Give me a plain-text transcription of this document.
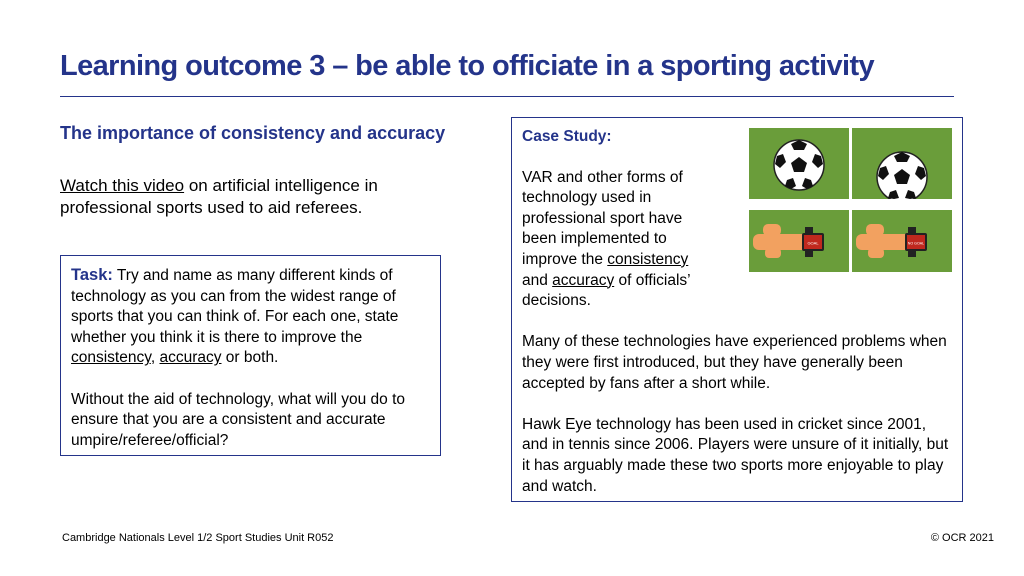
Learning outcome 3 – be able to officiate in a sporting activity
The importance of consistency and accuracy
Watch this video on artificial intelligence in
professional sports used to aid referees.
Task: Try and name as many different kinds of technology as you can from the widest range of sports that you can think of. For each one, state whether you think it is there to improve the consistency, accuracy or both.
Without the aid of technology, what will you do to ensure that you are a consistent and accurate umpire/referee/official?
Case Study:
VAR and other forms of technology used in professional sport have been implemented to improve the consistency and accuracy of officials’ decisions.

Many of these technologies have experienced problems when they were first introduced, but they have generally been accepted by fans after a short while.

Hawk Eye technology has been used in cricket since 2001, and in tennis since 2006. Players were unsure of it initially, but it has arguably made these two sports more enjoyable to play and watch.

GOAL	NO GOAL
Cambridge Nationals Level 1/2 Sport Studies Unit R052	© OCR 2021
